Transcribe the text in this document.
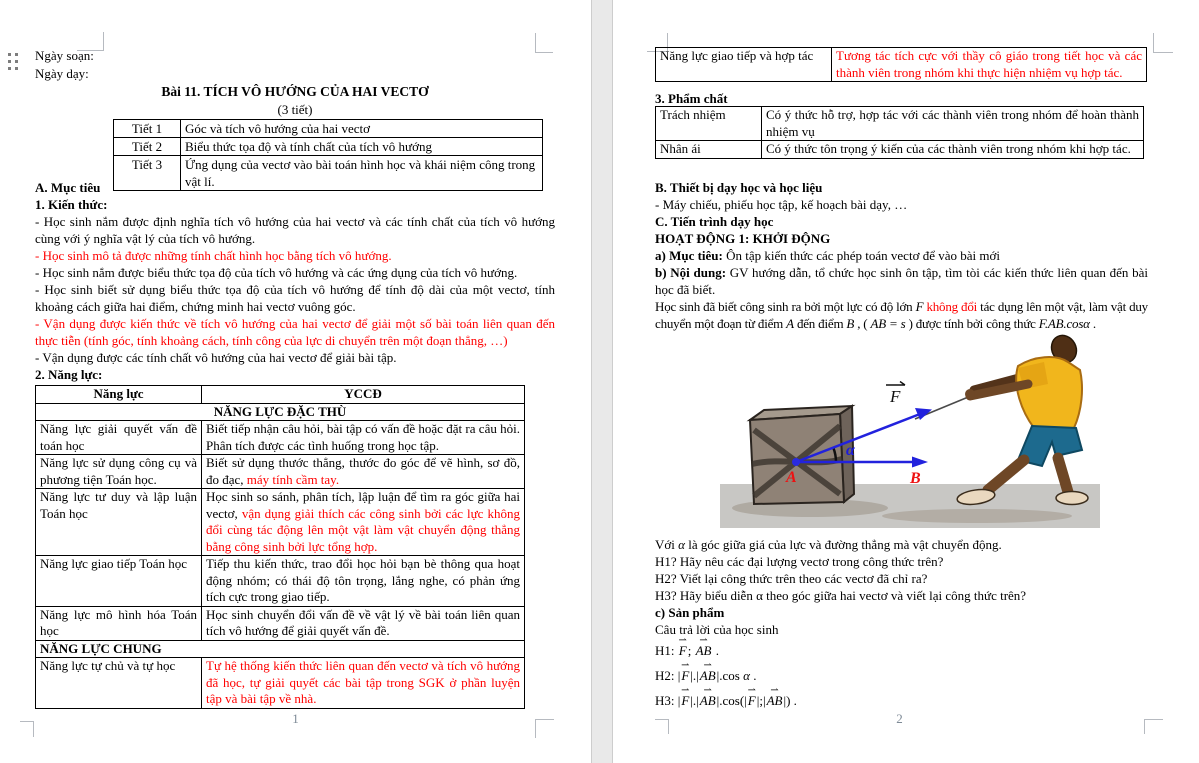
Ngày soạn:
Ngày dạy:
Bài 11. TÍCH VÔ HƯỚNG CỦA HAI VECTƠ
(3 tiết)
Tiết 1	Góc và tích vô hướng của hai vectơ
Tiết 2	Biểu thức tọa độ và tính chất của tích vô hướng
Tiết 3	Ứng dụng của vectơ vào bài toán hình học và khái niệm công trong vật lí.
A. Mục tiêu
1. Kiến thức:
- Học sinh nắm được định nghĩa tích vô hướng của hai vectơ và các tính chất của tích vô hướng cùng với ý nghĩa vật lý của tích vô hướng.
- Học sinh mô tả được những tính chất hình học bằng tích vô hướng.
- Học sinh nắm được biểu thức tọa độ của tích vô hướng và các ứng dụng của tích vô hướng.
- Học sinh biết sử dụng biểu thức tọa độ của tích vô hướng để tính độ dài của một vectơ, tính khoảng cách giữa hai điểm, chứng minh hai vectơ vuông góc.
- Vận dụng được kiến thức về tích vô hướng của hai vectơ để giải một số bài toán liên quan đến thực tiễn (tính góc, tính khoảng cách, tính công của lực di chuyển trên một đoạn thẳng, …)
- Vận dụng được các tính chất vô hướng của hai vectơ để giải bài tập.
2. Năng lực:
Năng lực	YCCĐ
NĂNG LỰC ĐẶC THÙ	
Năng lực giải quyết vấn đề toán học	Biết tiếp nhận câu hỏi, bài tập có vấn đề hoặc đặt ra câu hỏi. Phân tích được các tình huống trong học tập.
Năng lực sử dụng công cụ và phương tiện Toán học.	Biết sử dụng thước thẳng, thước đo góc để vẽ hình, sơ đồ, đo đạc, máy tính cầm tay.
Năng lực tư duy và lập luận Toán học	Học sinh so sánh, phân tích, lập luận để tìm ra góc giữa hai vectơ, vận dụng giải thích các công sinh bởi các lực không đổi cùng tác động lên một vật làm vật chuyển động thẳng bằng công sinh bởi lực tổng hợp.
Năng lực giao tiếp Toán học	Tiếp thu kiến thức, trao đổi học hỏi bạn bè thông qua hoạt động nhóm; có thái độ tôn trọng, lắng nghe, có phản ứng tích cực trong giao tiếp.
Năng lực mô hình hóa Toán học	Học sinh chuyển đổi vấn đề về vật lý về bài toán liên quan tích vô hướng để giải quyết vấn đề.
NĂNG LỰC CHUNG	
Năng lực tự chủ và tự học	Tự hệ thống kiến thức liên quan đến vectơ và tích vô hướng đã học, tự giải quyết các bài tập trong SGK ở phần luyện tập và bài tập về nhà.
1
Năng lực giao tiếp và hợp tác	Tương tác tích cực với thầy cô giáo trong tiết học và các thành viên trong nhóm khi thực hiện nhiệm vụ hợp tác.
3. Phẩm chất
Trách nhiệm	Có ý thức hỗ trợ, hợp tác với các thành viên trong nhóm để hoàn thành nhiệm vụ
Nhân ái	Có ý thức tôn trọng ý kiến của các thành viên trong nhóm khi hợp tác.
B. Thiết bị dạy học và học liệu
- Máy chiếu, phiếu học tập, kế hoạch bài dạy, …
C. Tiến trình dạy học
HOẠT ĐỘNG 1: KHỞI ĐỘNG
a) Mục tiêu: Ôn tập kiến thức các phép toán vectơ để vào bài mới
b) Nội dung: GV hướng dẫn, tổ chức học sinh ôn tập, tìm tòi các kiến thức liên quan đến bài học đã biết.
Học sinh đã biết công sinh ra bởi một lực có độ lớn F không đổi tác dụng lên một vật, làm vật duy chuyển một đoạn từ điểm A đến điểm B , ( AB = s ) được tính bởi công thức F.AB.cosα .
F
α
A	B
Với α là góc giữa giá của lực và đường thẳng mà vật chuyển động.
H1? Hãy nêu các đại lượng vectơ trong công thức trên?
H2? Viết lại công thức trên theo các vectơ đã chỉ ra?
H3? Hãy biểu diễn α theo góc giữa hai vectơ và viết lại công thức trên?
c) Sản phẩm
Câu trả lời của học sinh
H1: F ⇀; AB ⇀ .
H2: |F ⇀|.|AB ⇀|.cos α .
H3: |F ⇀|.|AB ⇀|.cos(|F ⇀|;|AB ⇀|) .
2
